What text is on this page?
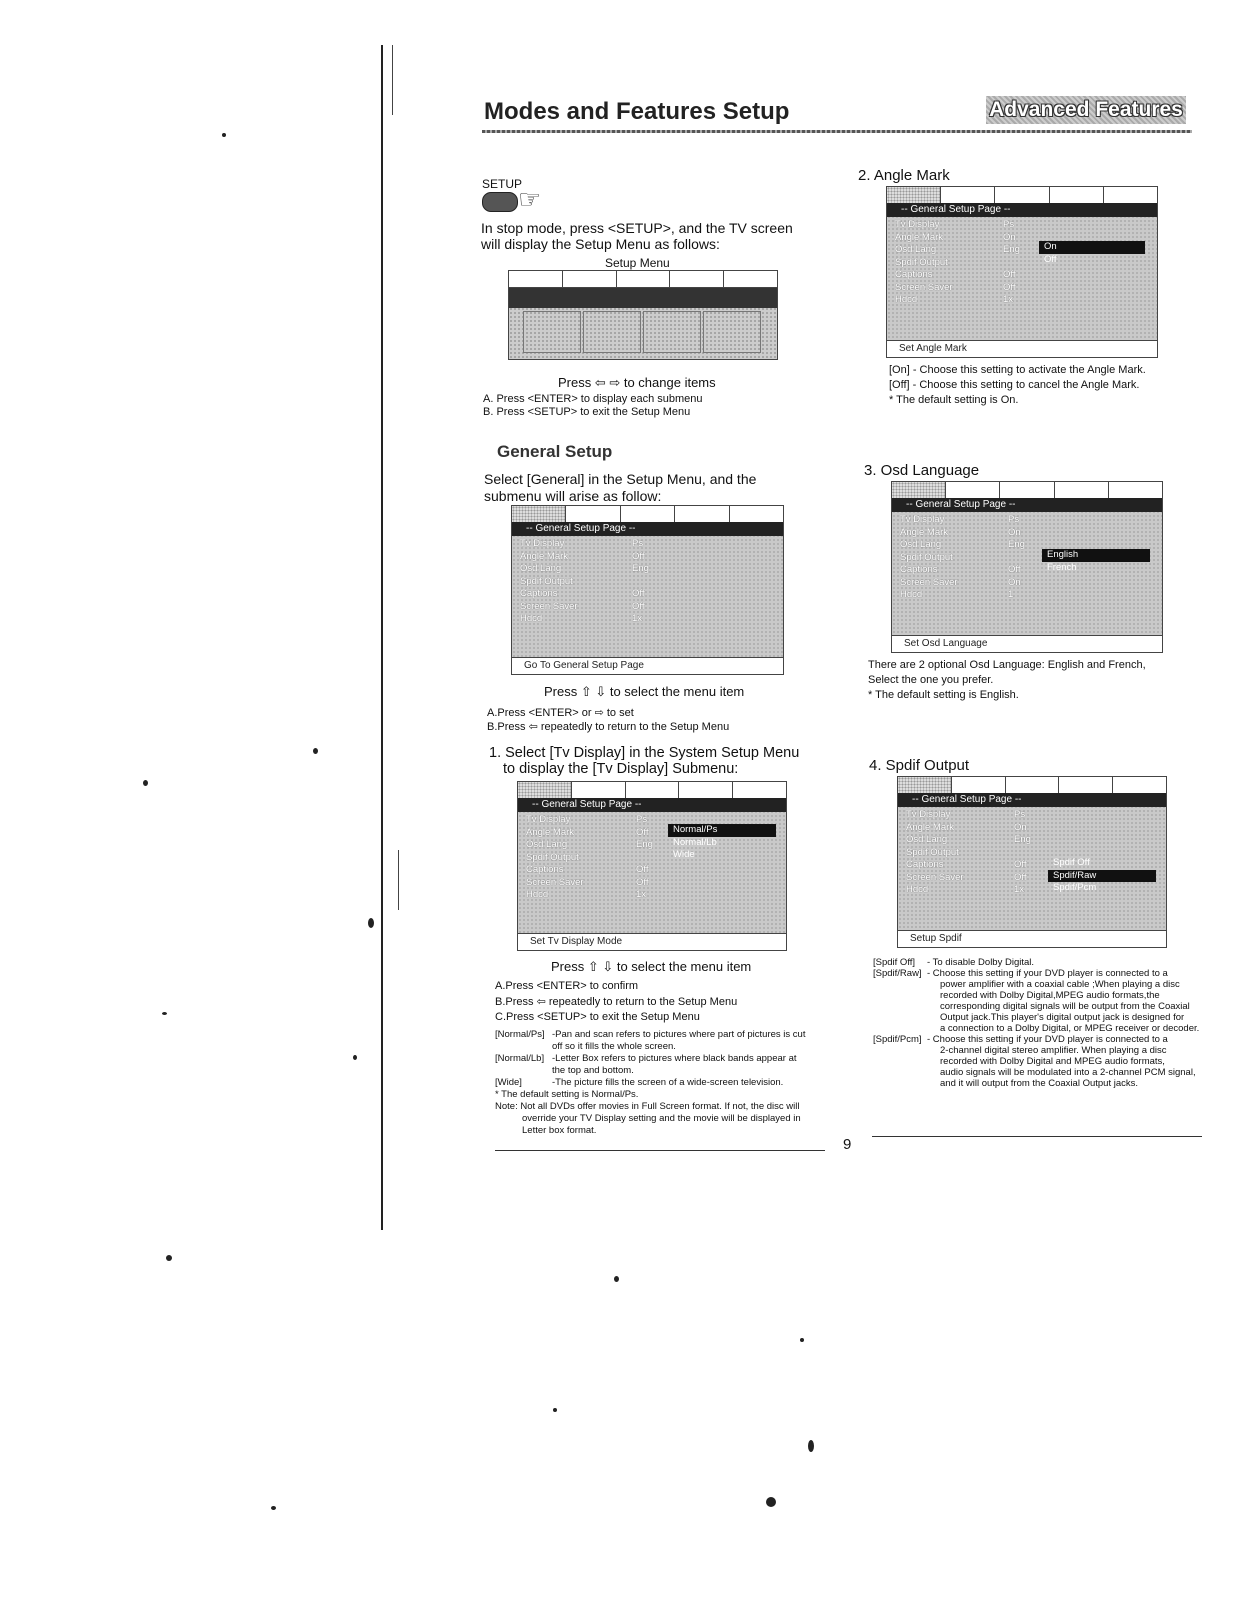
Modes and Features Setup	Advanced Features
SETUP
☞
In stop mode, press <SETUP>, and the TV screen
will display the Setup Menu as follows:
Setup Menu
Press ⇦ ⇨ to change items
A. Press <ENTER> to display each submenu
B. Press <SETUP> to exit the Setup Menu
General Setup
Select [General] in the Setup Menu, and the
submenu will arise as follow:
-- General Setup Page --
Tv Display
Angle Mark
Osd Lang
Spdif Output
Captions
Screen Saver
Hdcd
Ps
Off
Eng

Off
Off
1x
Go To General Setup Page
Press ⇧ ⇩ to select the menu item
A.Press <ENTER> or ⇨ to set
B.Press ⇦ repeatedly to return to the Setup Menu
1. Select [Tv Display] in the System Setup Menu
to display the [Tv Display] Submenu:
-- General Setup Page --
Tv Display
Angle Mark
Osd Lang
Spdif Output
Captions
Screen Saver
Hdcd
Ps
Off
Eng

Off
Off
1x
Normal/Ps
Normal/Lb
Wide
Set Tv Display Mode
Press ⇧ ⇩ to select the menu item
A.Press <ENTER> to confirm
B.Press ⇦ repeatedly to return to the Setup Menu
C.Press <SETUP> to exit the Setup Menu
[Normal/Ps] -Pan and scan refers to pictures where part of pictures is cut
off so it fills the whole screen.
[Normal/Lb] -Letter Box refers to pictures where black bands appear at
the top and bottom.
[Wide]	-The picture fills the screen of a wide-screen television.
* The default setting is Normal/Ps.
Note: Not all DVDs offer movies in Full Screen format. If not, the disc will
override your TV Display setting and the movie will be displayed in
Letter box format.
2. Angle Mark
-- General Setup Page --
Tv Display
Angle Mark
Osd Lang
Spdif Output
Captions
Screen Saver
Hdcd
Ps
On
Eng

Off
Off
1x
On
Off
Set Angle Mark
[On] - Choose this setting to activate the Angle Mark.
[Off] - Choose this setting to cancel the Angle Mark.
* The default setting is On.
3. Osd Language
-- General Setup Page --
Tv Display
Angle Mark
Osd Lang
Spdif Output
Captions
Screen Saver
Hdcd
Ps
On
Eng

Off
On
1
English
French
Set Osd Language
There are 2 optional Osd Language: English and French,
Select the one you prefer.
* The default setting is English.
4. Spdif Output
-- General Setup Page --
Tv Display
Angle Mark
Osd Lang
Spdif Output
Captions
Screen Saver
Hdcd
Ps
On
Eng

Off
Off
1x
Spdif Off
Spdif/Raw
Spdif/Pcm
Setup Spdif
[Spdif Off] - To disable Dolby Digital.
[Spdif/Raw] - Choose this setting if your DVD player is connected to a
power amplifier with a coaxial cable ;When playing a disc
recorded with Dolby Digital,MPEG audio formats,the
corresponding digital signals will be output from the Coaxial
Output jack.This player's digital output jack is designed for
a connection to a Dolby Digital, or MPEG receiver or decoder.
[Spdif/Pcm] - Choose this setting if your DVD player is connected to a
2-channel digital stereo amplifier. When playing a disc
recorded with Dolby Digital and MPEG audio formats,
audio signals will be modulated into a 2-channel PCM signal,
and it will output from the Coaxial Output jacks.
9
